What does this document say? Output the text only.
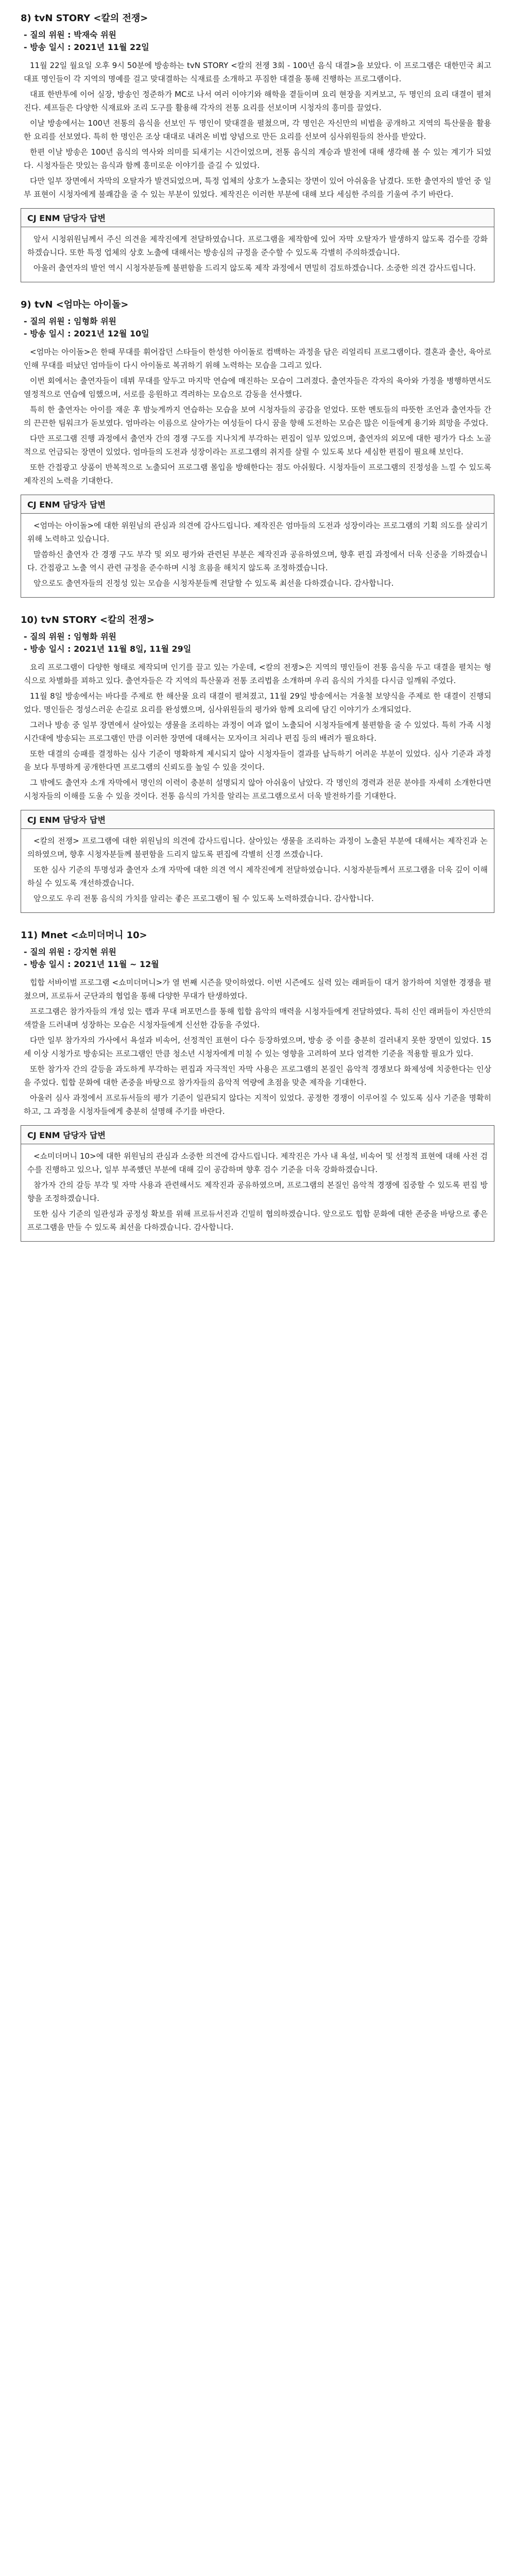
8) tvN STORY <칼의 전쟁>
- 질의 위원 : 박재숙 위원
- 방송 일시 : 2021년 11월 22일

11월 22일 월요일 오후 9시 50분에 방송하는 tvN STORY <칼의 전쟁 3회 - 100년 음식 대결>을 보았다. 이 프로그램은 대한민국 최고 대표 명인들이 각 지역의 명예를 걸고 맞대결하는 식재료를 소개하고 푸짐한 대결을 통해 진행하는 프로그램이다.

대표 한반투에 이어 실장, 방송인 정준하가 MC로 나서 여러 이야기와 해학을 곁들이며 요리 현장을 지켜보고, 두 명인의 요리 대결이 펼쳐진다. 셰프들은 다양한 식재료와 조리 도구를 활용해 각자의 전통 요리를 선보이며 시청자의 흥미를 끌었다.

이날 방송에서는 100년 전통의 음식을 선보인 두 명인이 맞대결을 펼쳤으며, 각 명인은 자신만의 비법을 공개하고 지역의 특산물을 활용한 요리를 선보였다. 특히 한 명인은 조상 대대로 내려온 비법 양념으로 만든 요리를 선보여 심사위원들의 찬사를 받았다.

한편 이날 방송은 100년 음식의 역사와 의미를 되새기는 시간이었으며, 전통 음식의 계승과 발전에 대해 생각해 볼 수 있는 계기가 되었다. 시청자들은 맛있는 음식과 함께 흥미로운 이야기를 즐길 수 있었다.

다만 일부 장면에서 자막의 오탈자가 발견되었으며, 특정 업체의 상호가 노출되는 장면이 있어 아쉬움을 남겼다. 또한 출연자의 발언 중 일부 표현이 시청자에게 불쾌감을 줄 수 있는 부분이 있었다. 제작진은 이러한 부분에 대해 보다 세심한 주의를 기울여 주기 바란다.

CJ ENM 담당자 답변

앞서 시청위원님께서 주신 의견을 제작진에게 전달하였습니다. 프로그램을 제작함에 있어 자막 오탈자가 발생하지 않도록 검수를 강화하겠습니다. 또한 특정 업체의 상호 노출에 대해서는 방송심의 규정을 준수할 수 있도록 각별히 주의하겠습니다.

아울러 출연자의 발언 역시 시청자분들께 불편함을 드리지 않도록 제작 과정에서 면밀히 검토하겠습니다. 소중한 의견 감사드립니다.

9) tvN <엄마는 아이돌>
- 질의 위원 : 임형화 위원
- 방송 일시 : 2021년 12월 10일

<엄마는 아이돌>은 한때 무대를 휘어잡던 스타들이 한성한 아이돌로 컴백하는 과정을 담은 리얼리티 프로그램이다. 결혼과 출산, 육아로 인해 무대를 떠났던 엄마들이 다시 아이돌로 복귀하기 위해 노력하는 모습을 그리고 있다.

이번 회에서는 출연자들이 데뷔 무대를 앞두고 마지막 연습에 매진하는 모습이 그려졌다. 출연자들은 각자의 육아와 가정을 병행하면서도 열정적으로 연습에 임했으며, 서로를 응원하고 격려하는 모습으로 감동을 선사했다.

특히 한 출연자는 아이를 재운 후 밤늦게까지 연습하는 모습을 보여 시청자들의 공감을 얻었다. 또한 멘토들의 따뜻한 조언과 출연자들 간의 끈끈한 팀워크가 돋보였다. 엄마라는 이름으로 살아가는 여성들이 다시 꿈을 향해 도전하는 모습은 많은 이들에게 용기와 희망을 주었다.

다만 프로그램 진행 과정에서 출연자 간의 경쟁 구도를 지나치게 부각하는 편집이 일부 있었으며, 출연자의 외모에 대한 평가가 다소 노골적으로 언급되는 장면이 있었다. 엄마들의 도전과 성장이라는 프로그램의 취지를 살릴 수 있도록 보다 세심한 편집이 필요해 보인다.

또한 간접광고 상품이 반복적으로 노출되어 프로그램 몰입을 방해한다는 점도 아쉬웠다. 시청자들이 프로그램의 진정성을 느낄 수 있도록 제작진의 노력을 기대한다.

CJ ENM 담당자 답변

<엄마는 아이돌>에 대한 위원님의 관심과 의견에 감사드립니다. 제작진은 엄마들의 도전과 성장이라는 프로그램의 기획 의도를 살리기 위해 노력하고 있습니다.

말씀하신 출연자 간 경쟁 구도 부각 및 외모 평가와 관련된 부분은 제작진과 공유하였으며, 향후 편집 과정에서 더욱 신중을 기하겠습니다. 간접광고 노출 역시 관련 규정을 준수하며 시청 흐름을 해치지 않도록 조정하겠습니다.

앞으로도 출연자들의 진정성 있는 모습을 시청자분들께 전달할 수 있도록 최선을 다하겠습니다. 감사합니다.

10) tvN STORY <칼의 전쟁>
- 질의 위원 : 임형화 위원
- 방송 일시 : 2021년 11월 8일, 11월 29일

요리 프로그램이 다양한 형태로 제작되며 인기를 끌고 있는 가운데, <칼의 전쟁>은 지역의 명인들이 전통 음식을 두고 대결을 펼치는 형식으로 차별화를 꾀하고 있다. 출연자들은 각 지역의 특산물과 전통 조리법을 소개하며 우리 음식의 가치를 다시금 일깨워 주었다.

11월 8일 방송에서는 바다를 주제로 한 해산물 요리 대결이 펼쳐졌고, 11월 29일 방송에서는 겨울철 보양식을 주제로 한 대결이 진행되었다. 명인들은 정성스러운 손길로 요리를 완성했으며, 심사위원들의 평가와 함께 요리에 담긴 이야기가 소개되었다.

그러나 방송 중 일부 장면에서 살아있는 생물을 조리하는 과정이 여과 없이 노출되어 시청자들에게 불편함을 줄 수 있었다. 특히 가족 시청 시간대에 방송되는 프로그램인 만큼 이러한 장면에 대해서는 모자이크 처리나 편집 등의 배려가 필요하다.

또한 대결의 승패를 결정하는 심사 기준이 명확하게 제시되지 않아 시청자들이 결과를 납득하기 어려운 부분이 있었다. 심사 기준과 과정을 보다 투명하게 공개한다면 프로그램의 신뢰도를 높일 수 있을 것이다.

그 밖에도 출연자 소개 자막에서 명인의 이력이 충분히 설명되지 않아 아쉬움이 남았다. 각 명인의 경력과 전문 분야를 자세히 소개한다면 시청자들의 이해를 도울 수 있을 것이다. 전통 음식의 가치를 알리는 프로그램으로서 더욱 발전하기를 기대한다.

CJ ENM 담당자 답변

<칼의 전쟁> 프로그램에 대한 위원님의 의견에 감사드립니다. 살아있는 생물을 조리하는 과정이 노출된 부분에 대해서는 제작진과 논의하였으며, 향후 시청자분들께 불편함을 드리지 않도록 편집에 각별히 신경 쓰겠습니다.

또한 심사 기준의 투명성과 출연자 소개 자막에 대한 의견 역시 제작진에게 전달하였습니다. 시청자분들께서 프로그램을 더욱 깊이 이해하실 수 있도록 개선하겠습니다.

앞으로도 우리 전통 음식의 가치를 알리는 좋은 프로그램이 될 수 있도록 노력하겠습니다. 감사합니다.

11) Mnet <쇼미더머니 10>
- 질의 위원 : 강지현 위원
- 방송 일시 : 2021년 11월 ~ 12월

힙합 서바이벌 프로그램 <쇼미더머니>가 열 번째 시즌을 맞이하였다. 이번 시즌에도 실력 있는 래퍼들이 대거 참가하여 치열한 경쟁을 펼쳤으며, 프로듀서 군단과의 협업을 통해 다양한 무대가 탄생하였다.

프로그램은 참가자들의 개성 있는 랩과 무대 퍼포먼스를 통해 힙합 음악의 매력을 시청자들에게 전달하였다. 특히 신인 래퍼들이 자신만의 색깔을 드러내며 성장하는 모습은 시청자들에게 신선한 감동을 주었다.

다만 일부 참가자의 가사에서 욕설과 비속어, 선정적인 표현이 다수 등장하였으며, 방송 중 이를 충분히 걸러내지 못한 장면이 있었다. 15세 이상 시청가로 방송되는 프로그램인 만큼 청소년 시청자에게 미칠 수 있는 영향을 고려하여 보다 엄격한 기준을 적용할 필요가 있다.

또한 참가자 간의 갈등을 과도하게 부각하는 편집과 자극적인 자막 사용은 프로그램의 본질인 음악적 경쟁보다 화제성에 치중한다는 인상을 주었다. 힙합 문화에 대한 존중을 바탕으로 참가자들의 음악적 역량에 초점을 맞춘 제작을 기대한다.

아울러 심사 과정에서 프로듀서들의 평가 기준이 일관되지 않다는 지적이 있었다. 공정한 경쟁이 이루어질 수 있도록 심사 기준을 명확히 하고, 그 과정을 시청자들에게 충분히 설명해 주기를 바란다.

CJ ENM 담당자 답변

<쇼미더머니 10>에 대한 위원님의 관심과 소중한 의견에 감사드립니다. 제작진은 가사 내 욕설, 비속어 및 선정적 표현에 대해 사전 검수를 진행하고 있으나, 일부 부족했던 부분에 대해 깊이 공감하며 향후 검수 기준을 더욱 강화하겠습니다.

참가자 간의 갈등 부각 및 자막 사용과 관련해서도 제작진과 공유하였으며, 프로그램의 본질인 음악적 경쟁에 집중할 수 있도록 편집 방향을 조정하겠습니다.

또한 심사 기준의 일관성과 공정성 확보를 위해 프로듀서진과 긴밀히 협의하겠습니다. 앞으로도 힙합 문화에 대한 존중을 바탕으로 좋은 프로그램을 만들 수 있도록 최선을 다하겠습니다. 감사합니다.
